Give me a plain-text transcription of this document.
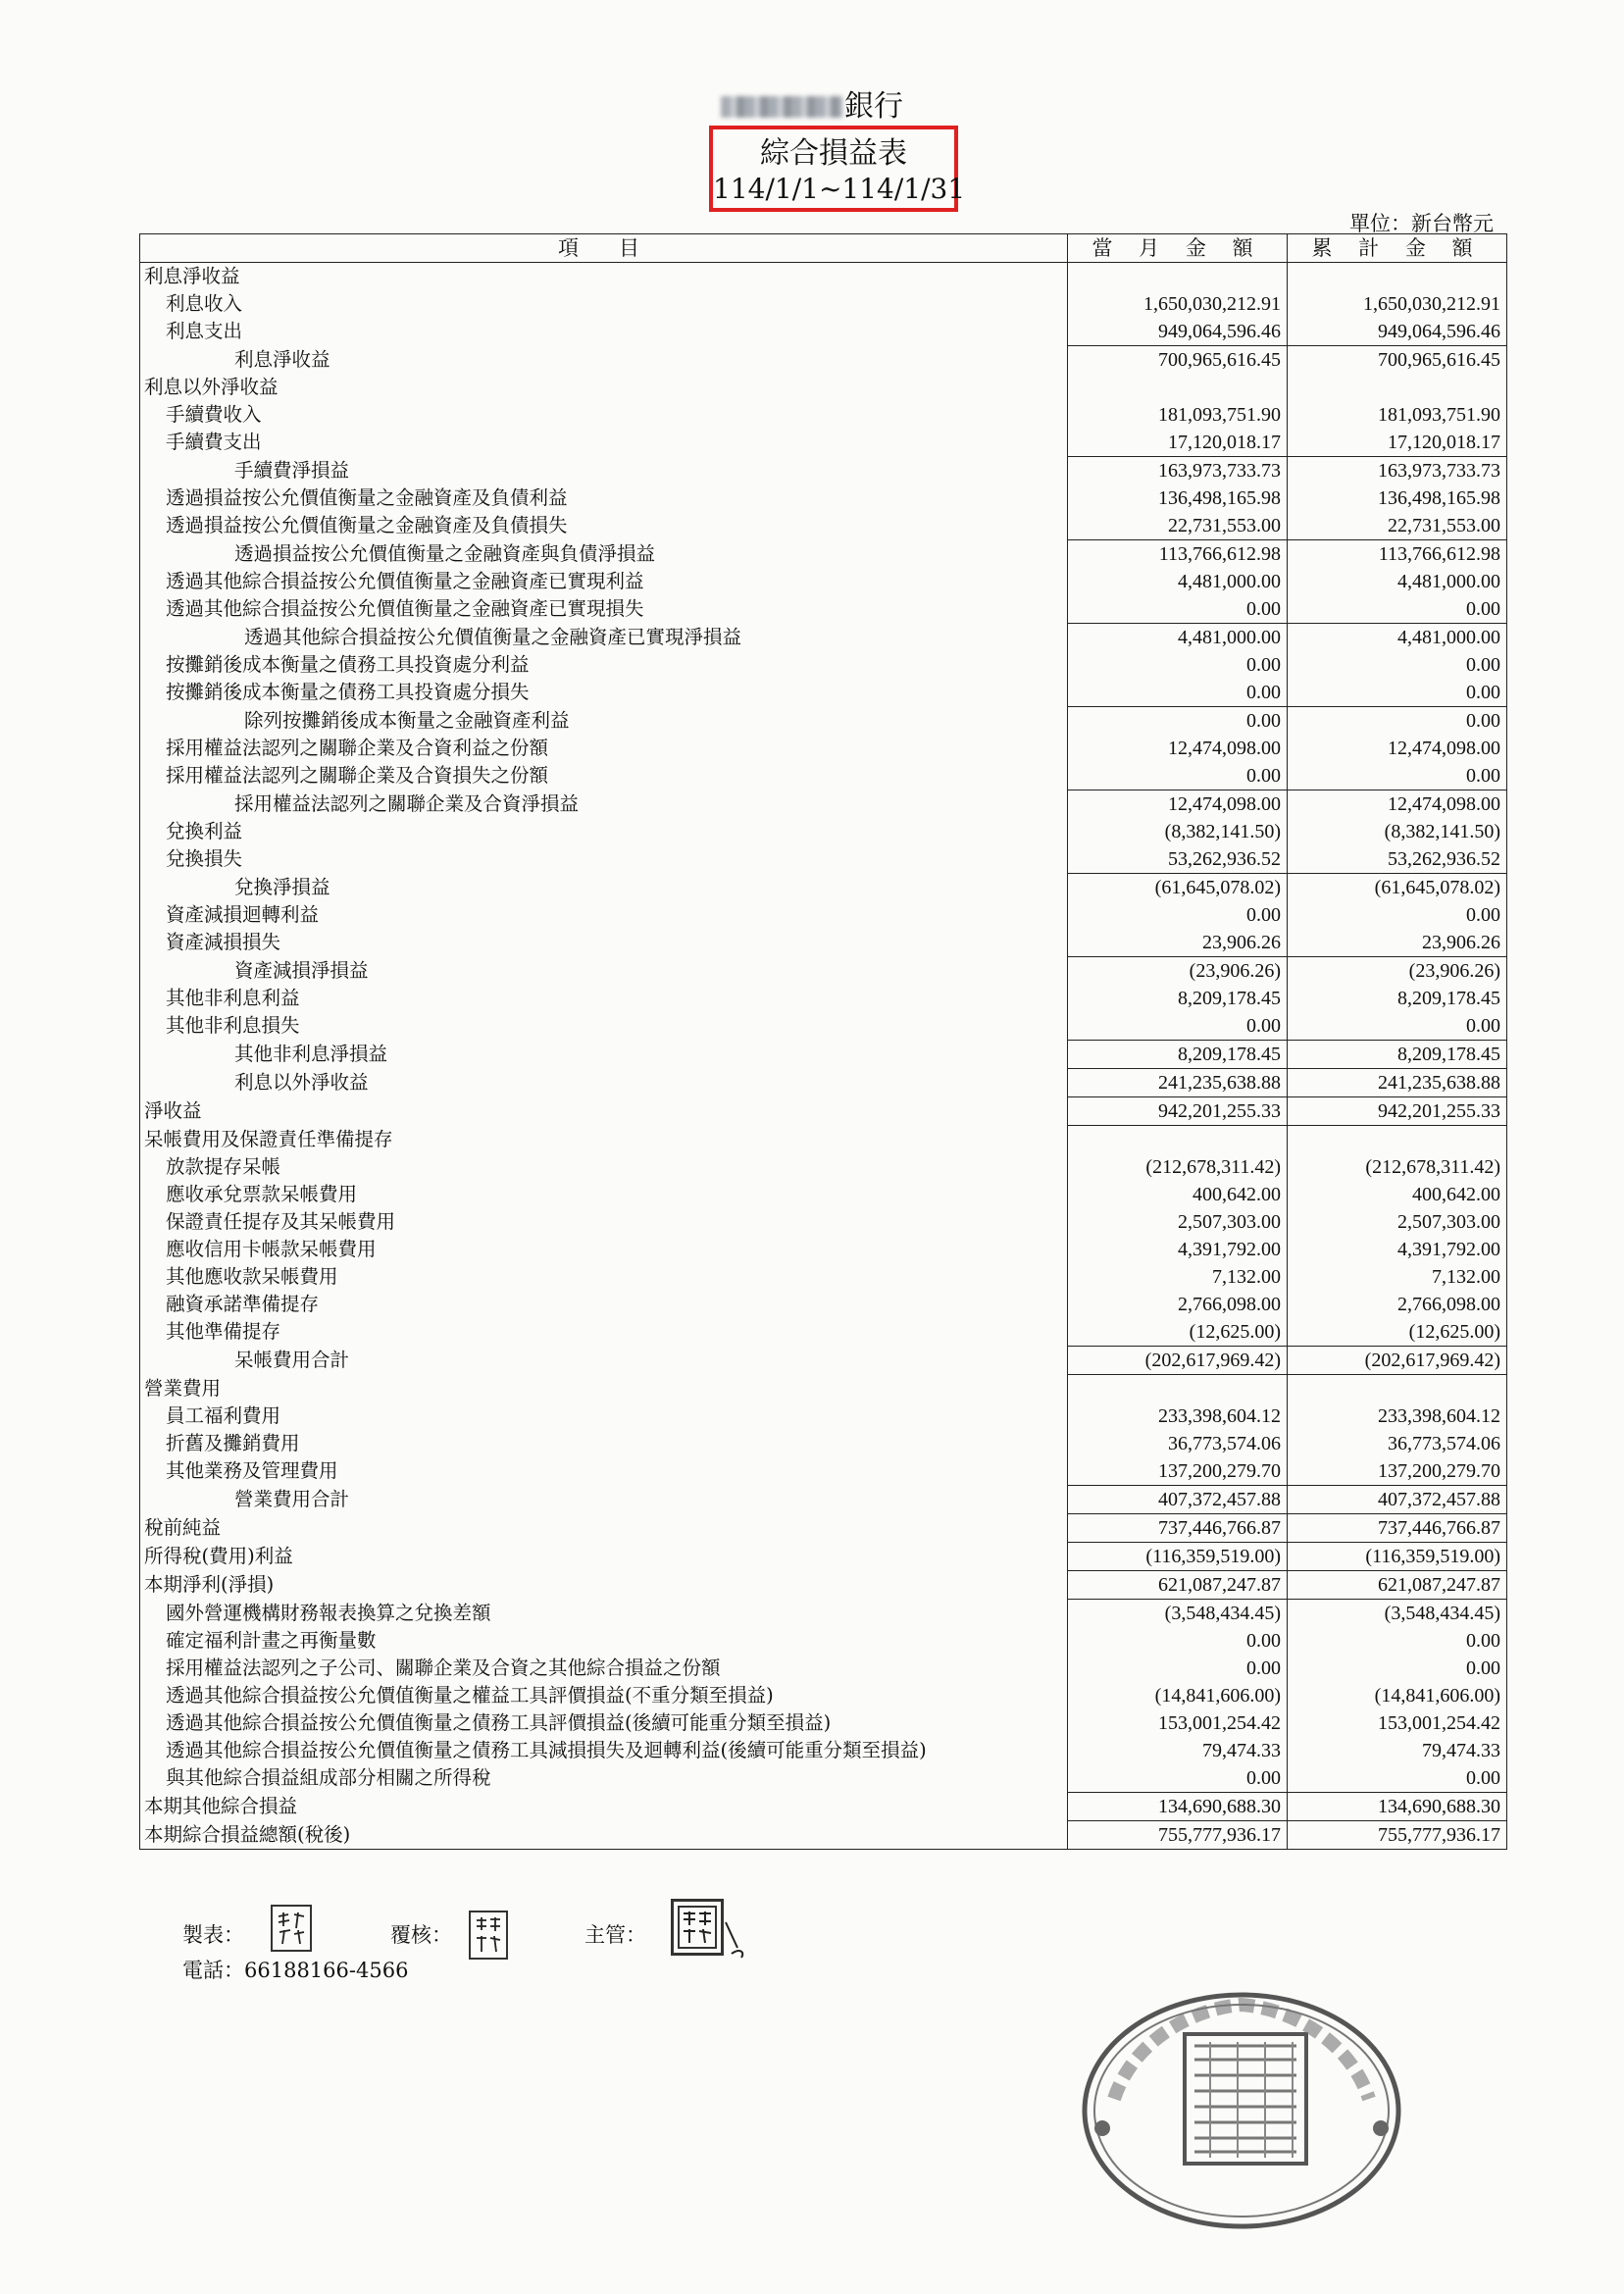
銀行
綜合損益表
114/1/1~114/1/31
單位：新台幣元
項　目	當 月 金 額	累 計 金 額
利息淨收益		
利息收入	1,650,030,212.91	1,650,030,212.91
利息支出	949,064,596.46	949,064,596.46
利息淨收益	700,965,616.45	700,965,616.45
利息以外淨收益		
手續費收入	181,093,751.90	181,093,751.90
手續費支出	17,120,018.17	17,120,018.17
手續費淨損益	163,973,733.73	163,973,733.73
透過損益按公允價值衡量之金融資產及負債利益	136,498,165.98	136,498,165.98
透過損益按公允價值衡量之金融資產及負債損失	22,731,553.00	22,731,553.00
透過損益按公允價值衡量之金融資產與負債淨損益	113,766,612.98	113,766,612.98
透過其他綜合損益按公允價值衡量之金融資產已實現利益	4,481,000.00	4,481,000.00
透過其他綜合損益按公允價值衡量之金融資產已實現損失	0.00	0.00
透過其他綜合損益按公允價值衡量之金融資產已實現淨損益	4,481,000.00	4,481,000.00
按攤銷後成本衡量之債務工具投資處分利益	0.00	0.00
按攤銷後成本衡量之債務工具投資處分損失	0.00	0.00
除列按攤銷後成本衡量之金融資產利益	0.00	0.00
採用權益法認列之關聯企業及合資利益之份額	12,474,098.00	12,474,098.00
採用權益法認列之關聯企業及合資損失之份額	0.00	0.00
採用權益法認列之關聯企業及合資淨損益	12,474,098.00	12,474,098.00
兌換利益	(8,382,141.50)	(8,382,141.50)
兌換損失	53,262,936.52	53,262,936.52
兌換淨損益	(61,645,078.02)	(61,645,078.02)
資產減損迴轉利益	0.00	0.00
資產減損損失	23,906.26	23,906.26
資產減損淨損益	(23,906.26)	(23,906.26)
其他非利息利益	8,209,178.45	8,209,178.45
其他非利息損失	0.00	0.00
其他非利息淨損益	8,209,178.45	8,209,178.45
利息以外淨收益	241,235,638.88	241,235,638.88
淨收益	942,201,255.33	942,201,255.33
呆帳費用及保證責任準備提存		
放款提存呆帳	(212,678,311.42)	(212,678,311.42)
應收承兌票款呆帳費用	400,642.00	400,642.00
保證責任提存及其呆帳費用	2,507,303.00	2,507,303.00
應收信用卡帳款呆帳費用	4,391,792.00	4,391,792.00
其他應收款呆帳費用	7,132.00	7,132.00
融資承諾準備提存	2,766,098.00	2,766,098.00
其他準備提存	(12,625.00)	(12,625.00)
呆帳費用合計	(202,617,969.42)	(202,617,969.42)
營業費用		
員工福利費用	233,398,604.12	233,398,604.12
折舊及攤銷費用	36,773,574.06	36,773,574.06
其他業務及管理費用	137,200,279.70	137,200,279.70
營業費用合計	407,372,457.88	407,372,457.88
稅前純益	737,446,766.87	737,446,766.87
所得稅(費用)利益	(116,359,519.00)	(116,359,519.00)
本期淨利(淨損)	621,087,247.87	621,087,247.87
國外營運機構財務報表換算之兌換差額	(3,548,434.45)	(3,548,434.45)
確定福利計畫之再衡量數	0.00	0.00
採用權益法認列之子公司、關聯企業及合資之其他綜合損益之份額	0.00	0.00
透過其他綜合損益按公允價值衡量之權益工具評價損益(不重分類至損益)	(14,841,606.00)	(14,841,606.00)
透過其他綜合損益按公允價值衡量之債務工具評價損益(後續可能重分類至損益)	153,001,254.42	153,001,254.42
透過其他綜合損益按公允價值衡量之債務工具減損損失及迴轉利益(後續可能重分類至損益)	79,474.33	79,474.33
與其他綜合損益組成部分相關之所得稅	0.00	0.00
本期其他綜合損益	134,690,688.30	134,690,688.30
本期綜合損益總額(稅後)	755,777,936.17	755,777,936.17
製表：	覆核：	主管：
電話：66188166-4566
